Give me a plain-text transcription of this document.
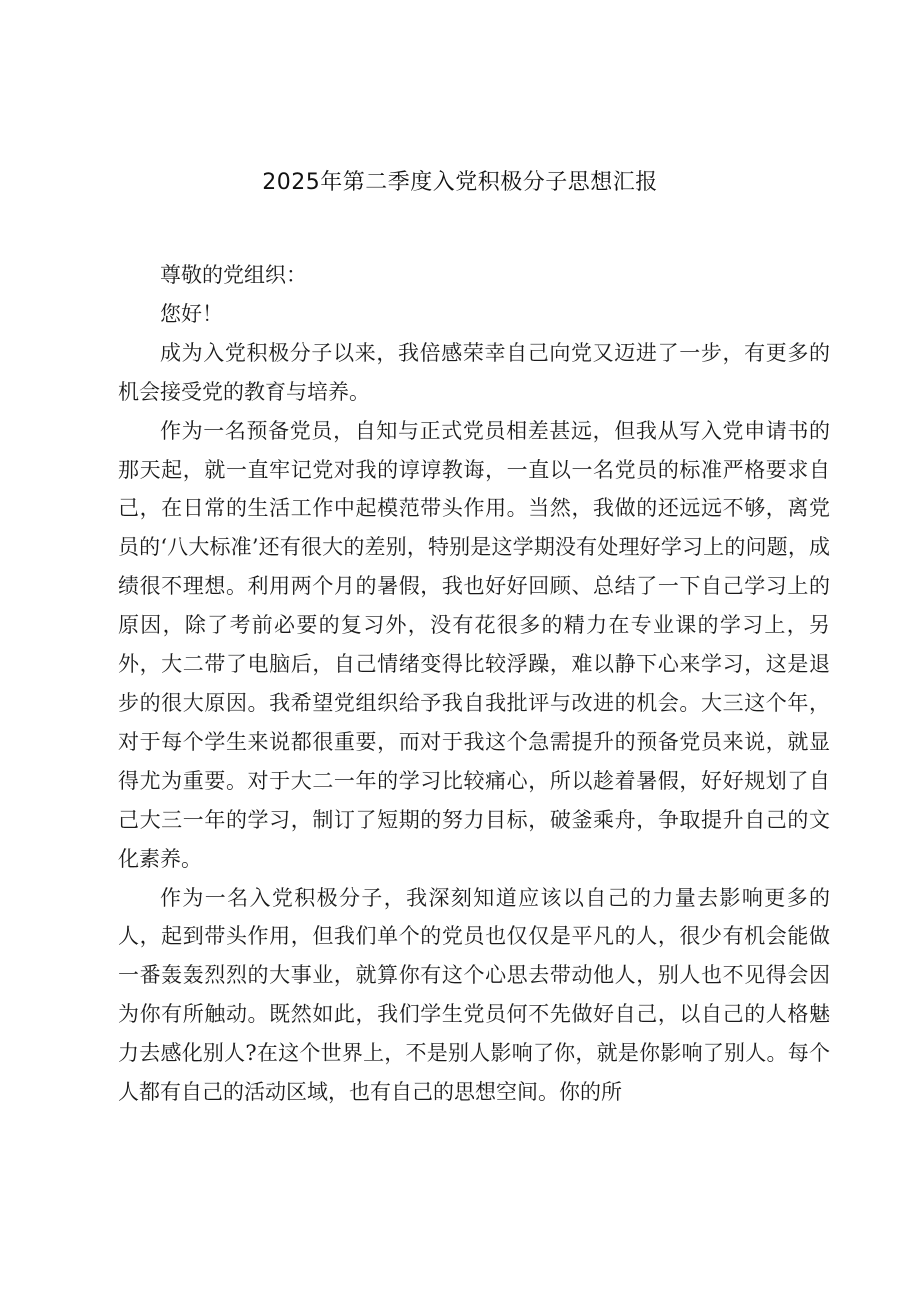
2025年第二季度入党积极分子思想汇报

尊敬的党组织：

您好！

成为入党积极分子以来，我倍感荣幸自己向党又迈进了一步，有更多的机会接受党的教育与培养。

作为一名预备党员，自知与正式党员相差甚远，但我从写入党申请书的那天起，就一直牢记党对我的谆谆教诲，一直以一名党员的标准严格要求自己，在日常的生活工作中起模范带头作用。当然，我做的还远远不够，离党员的‘八大标准’还有很大的差别，特别是这学期没有处理好学习上的问题，成绩很不理想。利用两个月的暑假，我也好好回顾、总结了一下自己学习上的原因，除了考前必要的复习外，没有花很多的精力在专业课的学习上，另外，大二带了电脑后，自己情绪变得比较浮躁，难以静下心来学习，这是退步的很大原因。我希望党组织给予我自我批评与改进的机会。大三这个年，对于每个学生来说都很重要，而对于我这个急需提升的预备党员来说，就显得尤为重要。对于大二一年的学习比较痛心，所以趁着暑假，好好规划了自己大三一年的学习，制订了短期的努力目标，破釜乘舟，争取提升自己的文化素养。

作为一名入党积极分子，我深刻知道应该以自己的力量去影响更多的人，起到带头作用，但我们单个的党员也仅仅是平凡的人，很少有机会能做一番轰轰烈烈的大事业，就算你有这个心思去带动他人，别人也不见得会因为你有所触动。既然如此，我们学生党员何不先做好自己，以自己的人格魅力去感化别人?在这个世界上，不是别人影响了你，就是你影响了别人。每个人都有自己的活动区域，也有自己的思想空间。你的所
